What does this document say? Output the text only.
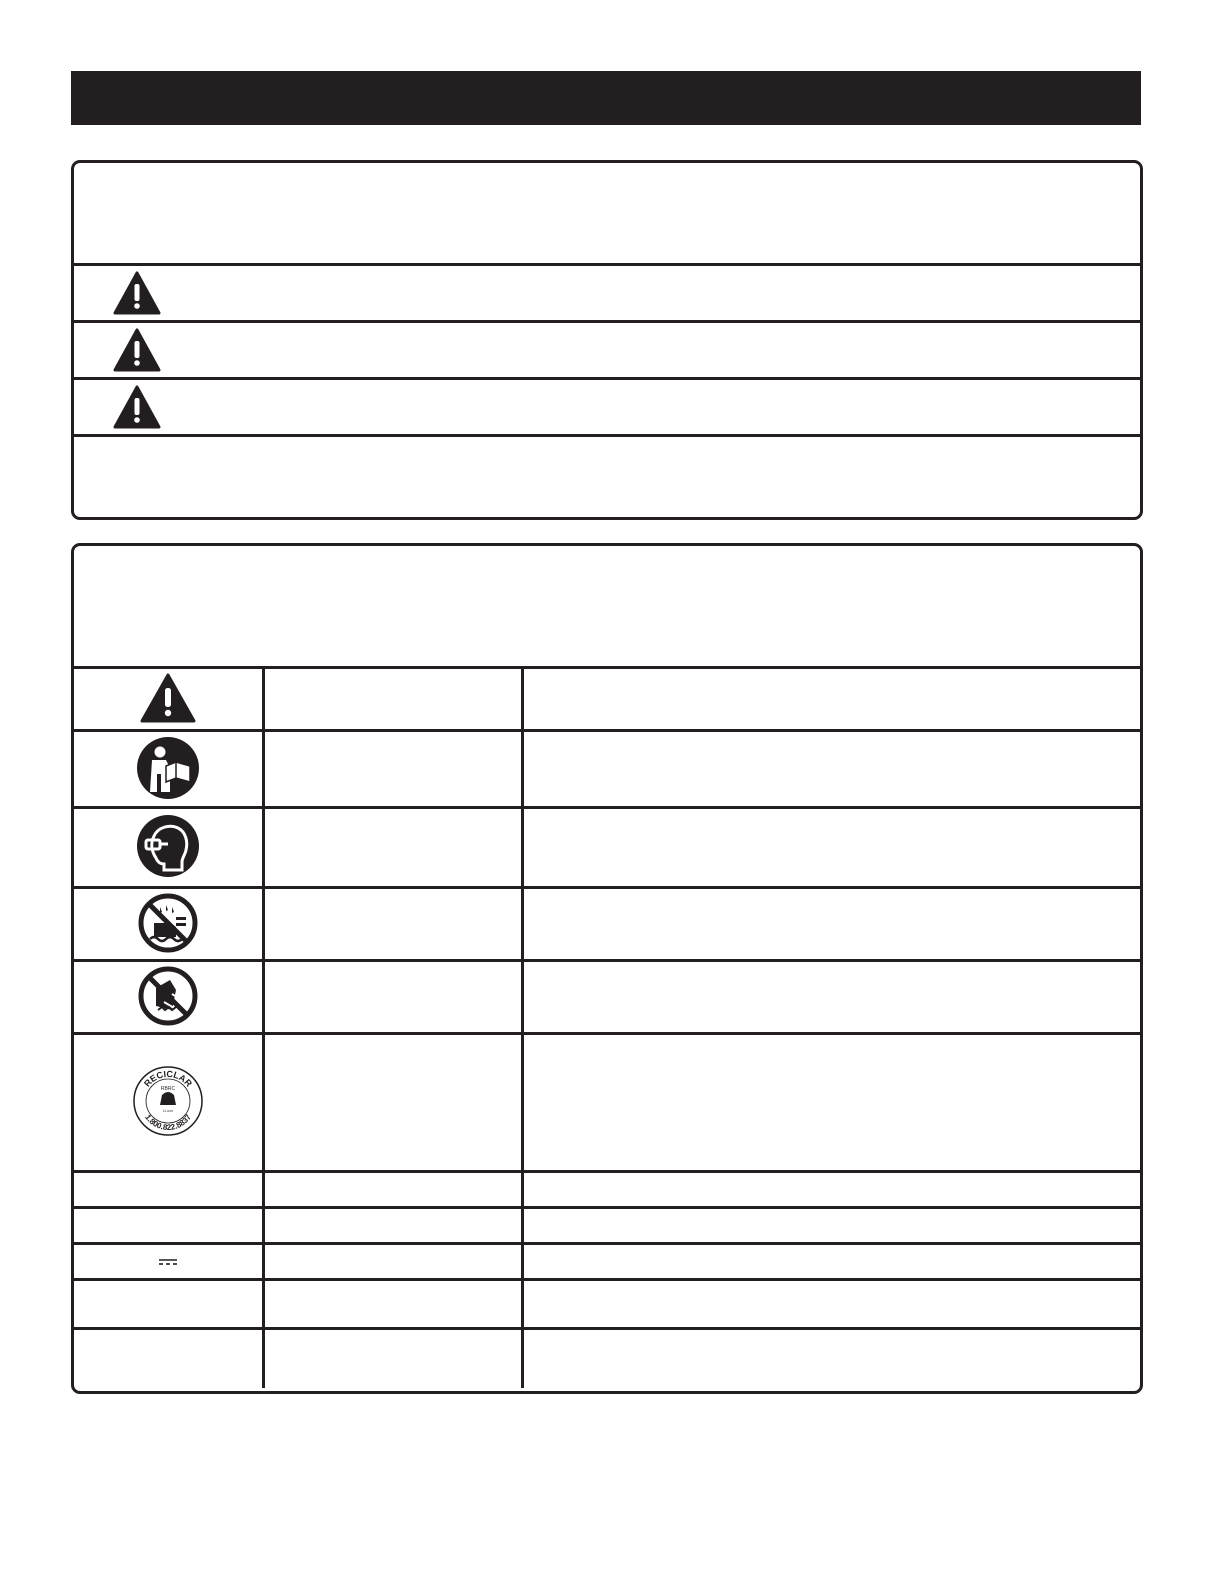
RECICLAR
RBRC
Li-ion
1.800.822.8837		
